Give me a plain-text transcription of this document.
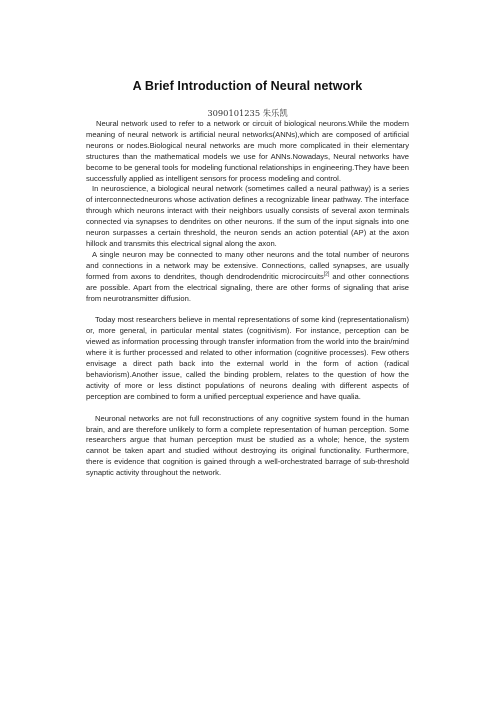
A Brief Introduction of Neural network
3090101235 朱乐凯

Neural network used to refer to a network or circuit of biological neurons.While the modern meaning of neural network is artificial neural networks(ANNs),which are composed of artificial neurons or nodes.Biological neural networks are much more complicated in their elementary structures than the mathematical models we use for ANNs.Nowadays, Neural networks have become to be general tools for modeling functional relationships in engineering.They have been successfully applied as intelligent sensors for process modeling and control.

In neuroscience, a biological neural network (sometimes called a neural pathway) is a series of interconnectedneurons whose activation defines a recognizable linear pathway. The interface through which neurons interact with their neighbors usually consists of several axon terminals connected via synapses to dendrites on other neurons. If the sum of the input signals into one neuron surpasses a certain threshold, the neuron sends an action potential (AP) at the axon hillock and transmits this electrical signal along the axon.

A single neuron may be connected to many other neurons and the total number of neurons and connections in a network may be extensive. Connections, called synapses, are usually formed from axons to dendrites, though dendrodendritic microcircuits[2] and other connections are possible. Apart from the electrical signaling, there are other forms of signaling that arise from neurotransmitter diffusion.

Today most researchers believe in mental representations of some kind (representationalism) or, more general, in particular mental states (cognitivism). For instance, perception can be viewed as information processing through transfer information from the world into the brain/mind where it is further processed and related to other information (cognitive processes). Few others envisage a direct path back into the external world in the form of action (radical behaviorism).Another issue, called the binding problem, relates to the question of how the activity of more or less distinct populations of neurons dealing with different aspects of perception are combined to form a unified perceptual experience and have qualia.

Neuronal networks are not full reconstructions of any cognitive system found in the human brain, and are therefore unlikely to form a complete representation of human perception. Some researchers argue that human perception must be studied as a whole; hence, the system cannot be taken apart and studied without destroying its original functionality. Furthermore, there is evidence that cognition is gained through a well-orchestrated barrage of sub-threshold synaptic activity throughout the network.
